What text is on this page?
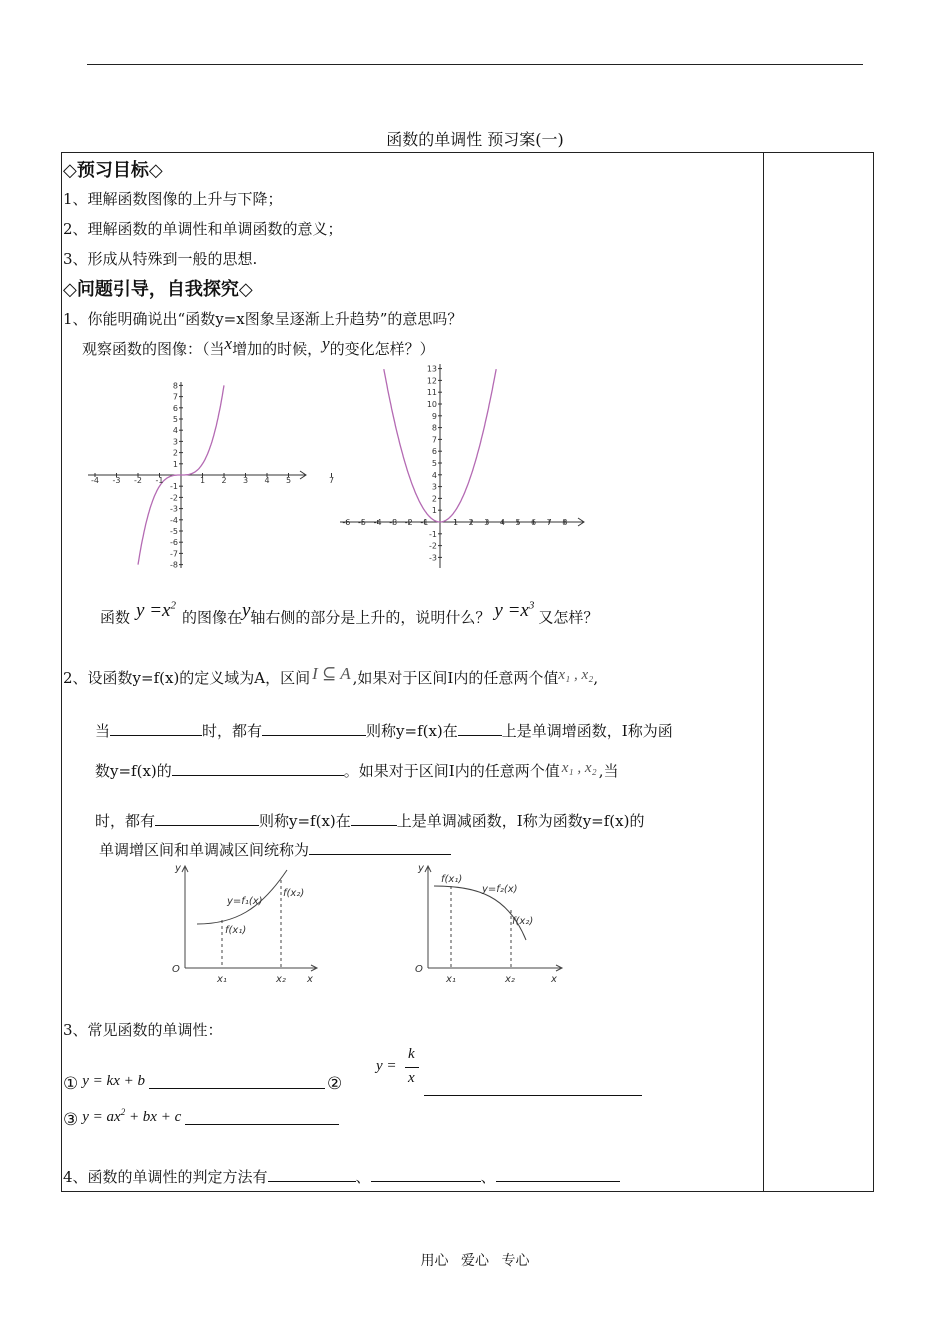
函数的单调性 预习案(一)
◇预习目标◇
1、理解函数图像的上升与下降；
2、理解函数的单调性和单调函数的意义；
3、形成从特殊到一般的思想.
◇问题引导，自我探究◇
1、你能明确说出“函数y=x图象呈逐渐上升趋势”的意思吗？
观察函数的图像：（当x增加的时候，y的变化怎样？）
-4 -3 -2 -1	1 2 3 4 5	7
8
7
6
5
4
3
2
1
-1
-2
-3
-4
-5
-6
-7
-8
-6 -5 -4 -3 -2 -1	1 2 3 4 5 6 7 8
13
12
11
10
9
8
7
6
5
4
3
2
1
-1
-2
-3
函数 $y =x^2$的图像在y轴右侧的部分是上升的，说明什么？ $y =x^3$又怎样？
2、设函数y=f(x)的定义域为A，区间 I ⊆ A ,如果对于区间I内的任意两个值x₁ , x₂,
当	时，都有	则称y=f(x)在	上是单调增函数，I称为函
数y=f(x)的	。如果对于区间I内的任意两个值 x₁ , x₂ ,当
时，都有	则称y=f(x)在	上是单调减函数，I称为函数y=f(x)的
单调增区间和单调减区间统称为
y
O
x
y=f₁(x)
f(x₁)
f(x₂)
x₁	x₂
y
O
x
y=f₂(x)
f(x₁)
f(x₂)
x₁	x₂
3、常见函数的单调性：
① y = kx + b	②
y =
k
x
③ $y = ax^2$ + bx + c
4、函数的单调性的判定方法有	、	、
用心 爱心 专心
